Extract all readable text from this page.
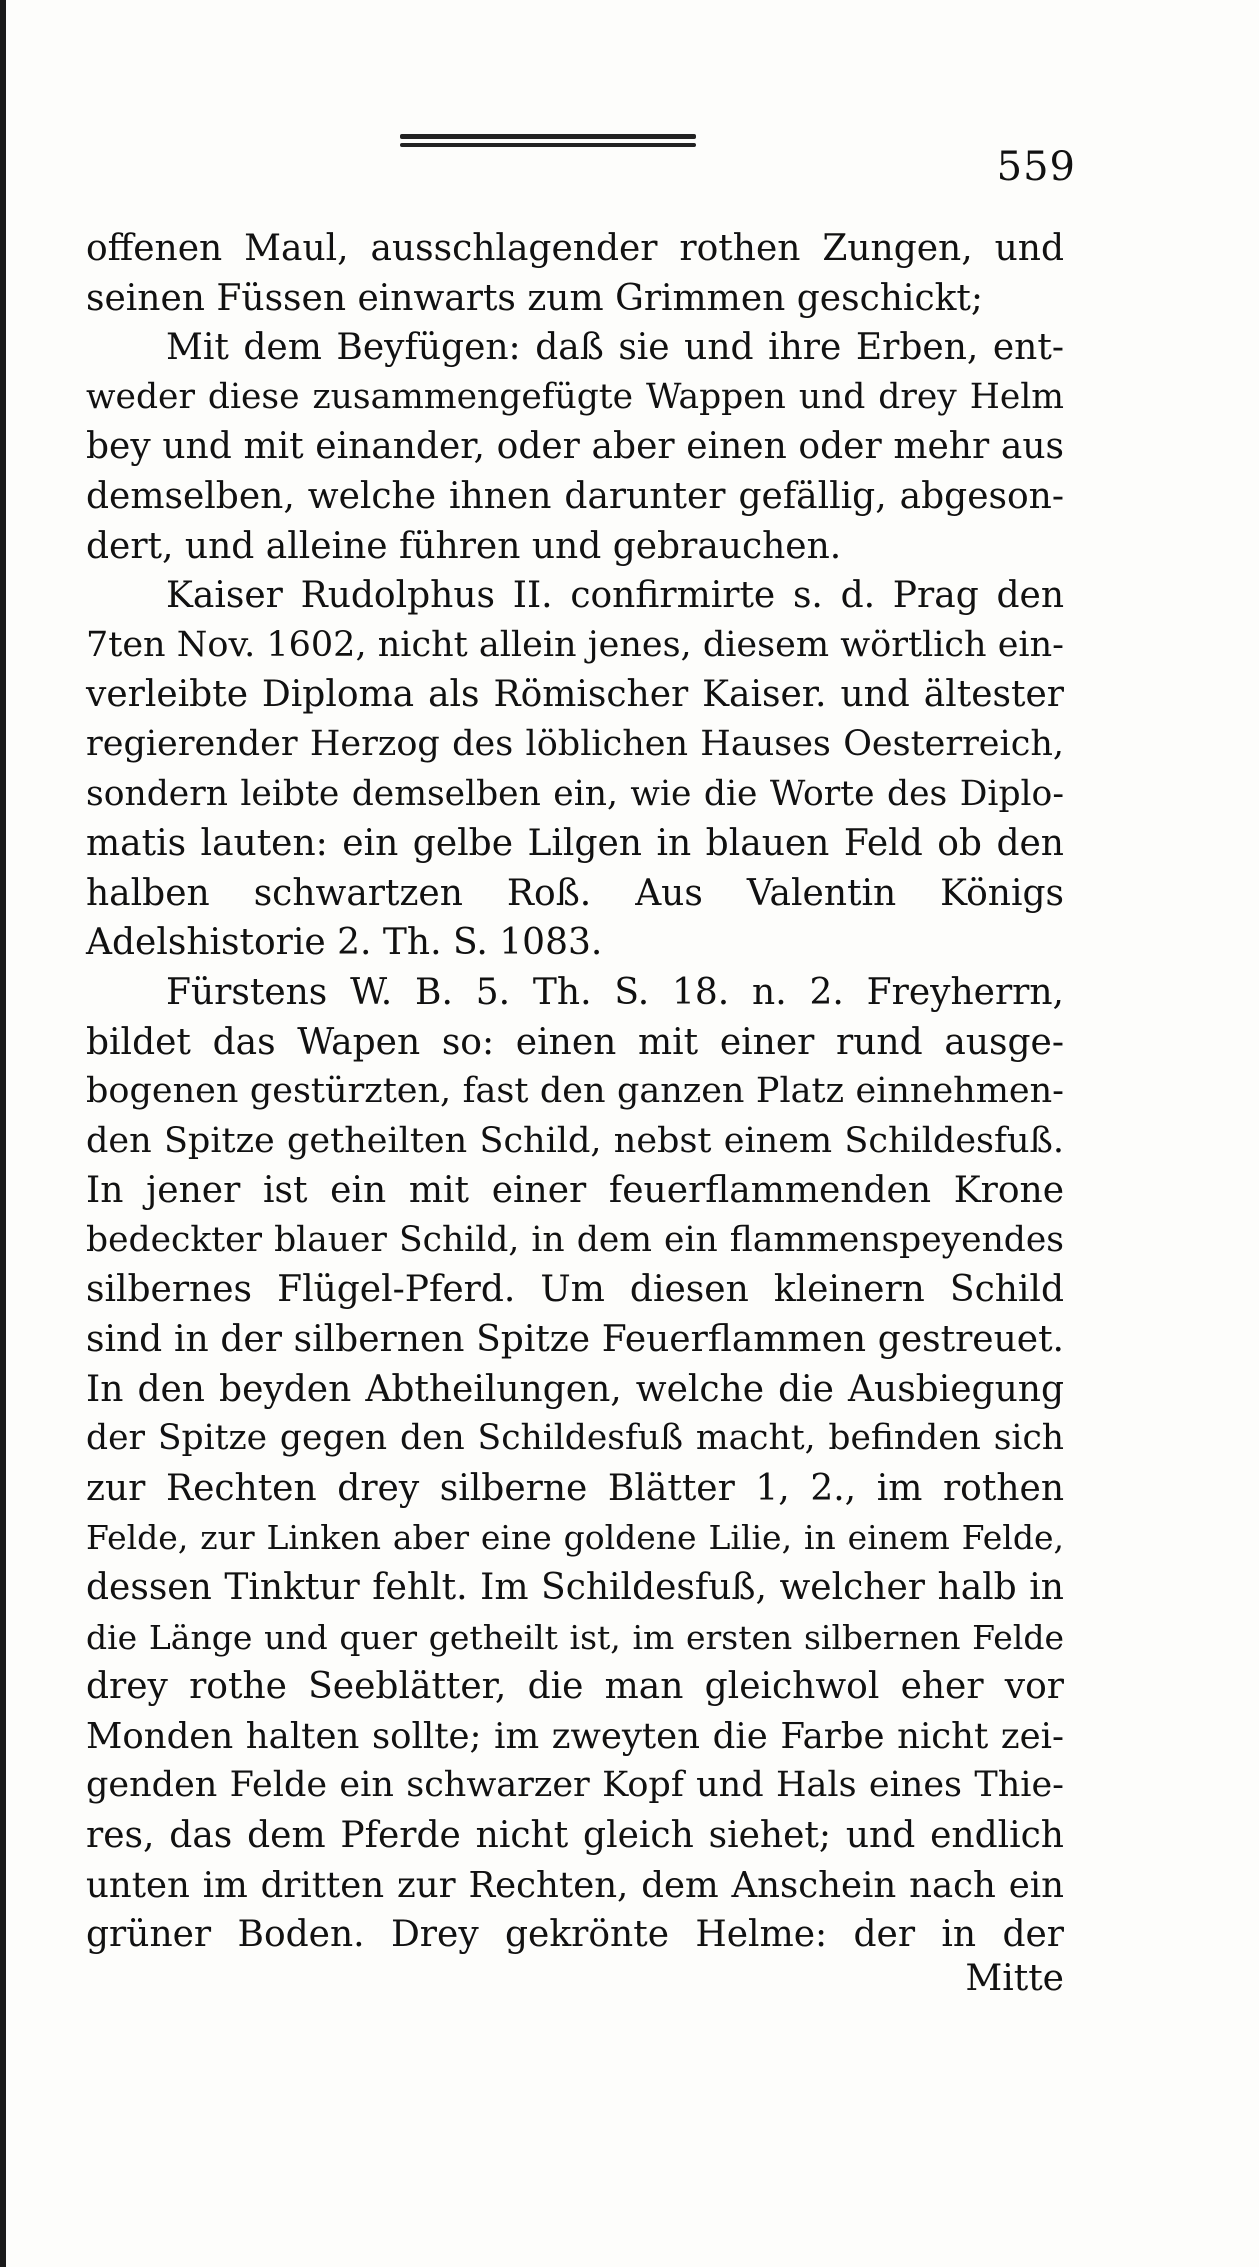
559
offenen Maul, ausschlagender rothen Zungen, und
seinen Füssen einwarts zum Grimmen geschickt;
Mit dem Beyfügen: daß sie und ihre Erben, ent-
weder diese zusammengefügte Wappen und drey Helm
bey und mit einander, oder aber einen oder mehr aus
demselben, welche ihnen darunter gefällig, abgeson-
dert, und alleine führen und gebrauchen.
Kaiser Rudolphus II. confirmirte s. d. Prag den
7ten Nov. 1602, nicht allein jenes, diesem wörtlich ein-
verleibte Diploma als Römischer Kaiser. und ältester
regierender Herzog des löblichen Hauses Oesterreich,
sondern leibte demselben ein, wie die Worte des Diplo-
matis lauten: ein gelbe Lilgen in blauen Feld ob den
halben schwartzen Roß. Aus Valentin Königs
Adelshistorie 2. Th. S. 1083.
Fürstens W. B. 5. Th. S. 18. n. 2. Freyherrn,
bildet das Wapen so: einen mit einer rund ausge-
bogenen gestürzten, fast den ganzen Platz einnehmen-
den Spitze getheilten Schild, nebst einem Schildesfuß.
In jener ist ein mit einer feuerflammenden Krone
bedeckter blauer Schild, in dem ein flammenspeyendes
silbernes Flügel-Pferd. Um diesen kleinern Schild
sind in der silbernen Spitze Feuerflammen gestreuet.
In den beyden Abtheilungen, welche die Ausbiegung
der Spitze gegen den Schildesfuß macht, befinden sich
zur Rechten drey silberne Blätter 1, 2., im rothen
Felde, zur Linken aber eine goldene Lilie, in einem Felde,
dessen Tinktur fehlt. Im Schildesfuß, welcher halb in
die Länge und quer getheilt ist, im ersten silbernen Felde
drey rothe Seeblätter, die man gleichwol eher vor
Monden halten sollte; im zweyten die Farbe nicht zei-
genden Felde ein schwarzer Kopf und Hals eines Thie-
res, das dem Pferde nicht gleich siehet; und endlich
unten im dritten zur Rechten, dem Anschein nach ein
grüner Boden. Drey gekrönte Helme: der in der
Mitte
